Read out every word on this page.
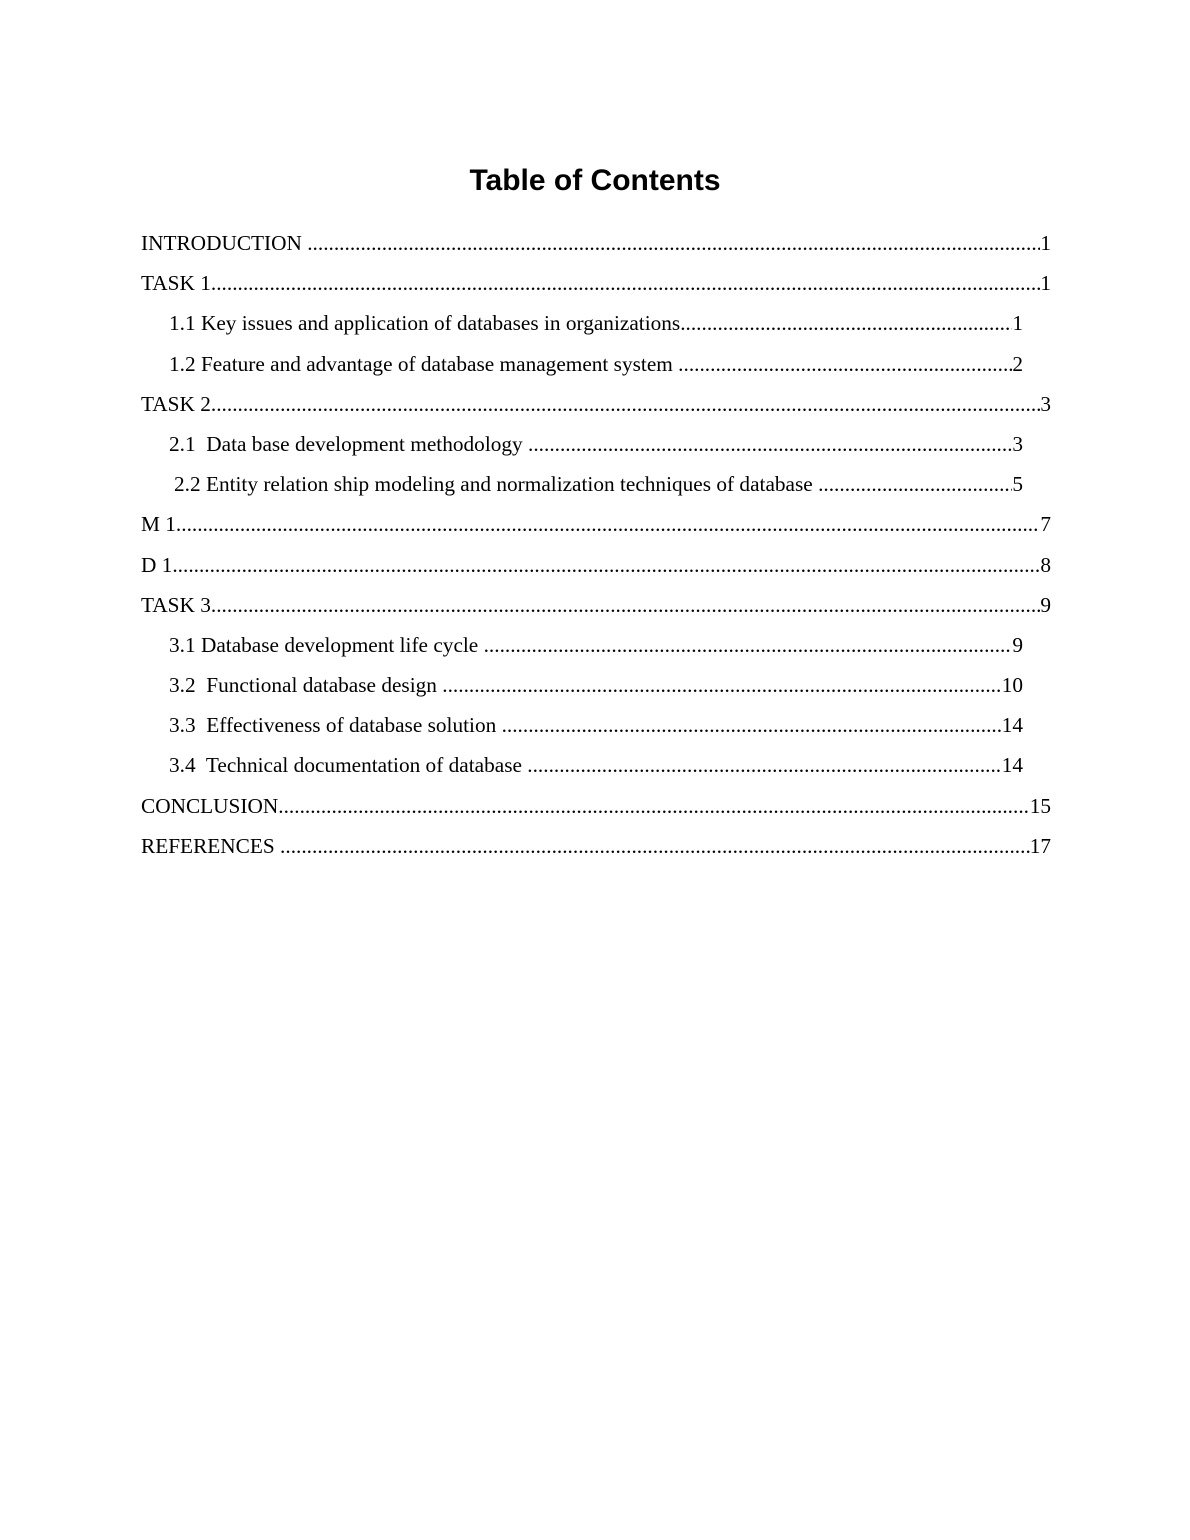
Table of Contents
INTRODUCTION .....	1
TASK 1 .....	1
1.1 Key issues and application of databases in organizations .....	1
1.2 Feature and advantage of database management system .....	2
TASK 2 .....	3
2.1  Data base development methodology .....	3
2.2 Entity relation ship modeling and normalization techniques of database .....	5
M 1 .....	7
D 1 .....	8
TASK 3 .....	9
3.1 Database development life cycle .....	9
3.2  Functional database design .....	10
3.3  Effectiveness of database solution .....	14
3.4  Technical documentation of database .....	14
CONCLUSION .....	15
REFERENCES .....	17
